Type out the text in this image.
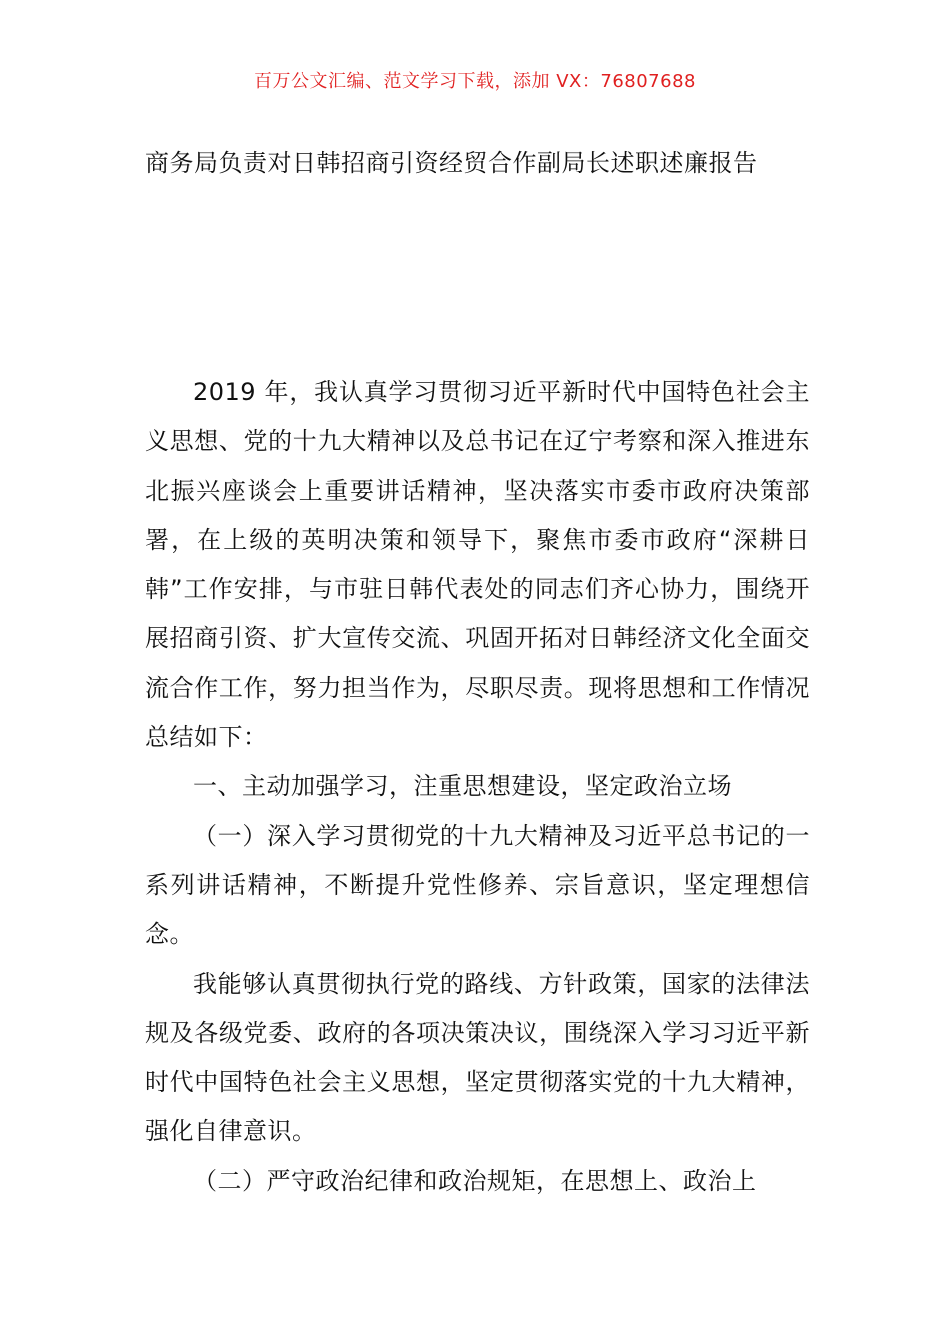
百万公文汇编、范文学习下载，添加 VX：76807688
商务局负责对日韩招商引资经贸合作副局长述职述廉报告

2019 年，我认真学习贯彻习近平新时代中国特色社会主义思想、党的十九大精神以及总书记在辽宁考察和深入推进东北振兴座谈会上重要讲话精神，坚决落实市委市政府决策部署，在上级的英明决策和领导下，聚焦市委市政府“深耕日韩”工作安排，与市驻日韩代表处的同志们齐心协力，围绕开展招商引资、扩大宣传交流、巩固开拓对日韩经济文化全面交流合作工作，努力担当作为，尽职尽责。现将思想和工作情况总结如下：

一、主动加强学习，注重思想建设，坚定政治立场

（一）深入学习贯彻党的十九大精神及习近平总书记的一系列讲话精神，不断提升党性修养、宗旨意识，坚定理想信念。

我能够认真贯彻执行党的路线、方针政策，国家的法律法规及各级党委、政府的各项决策决议，围绕深入学习习近平新时代中国特色社会主义思想，坚定贯彻落实党的十九大精神，强化自律意识。

（二）严守政治纪律和政治规矩，在思想上、政治上
